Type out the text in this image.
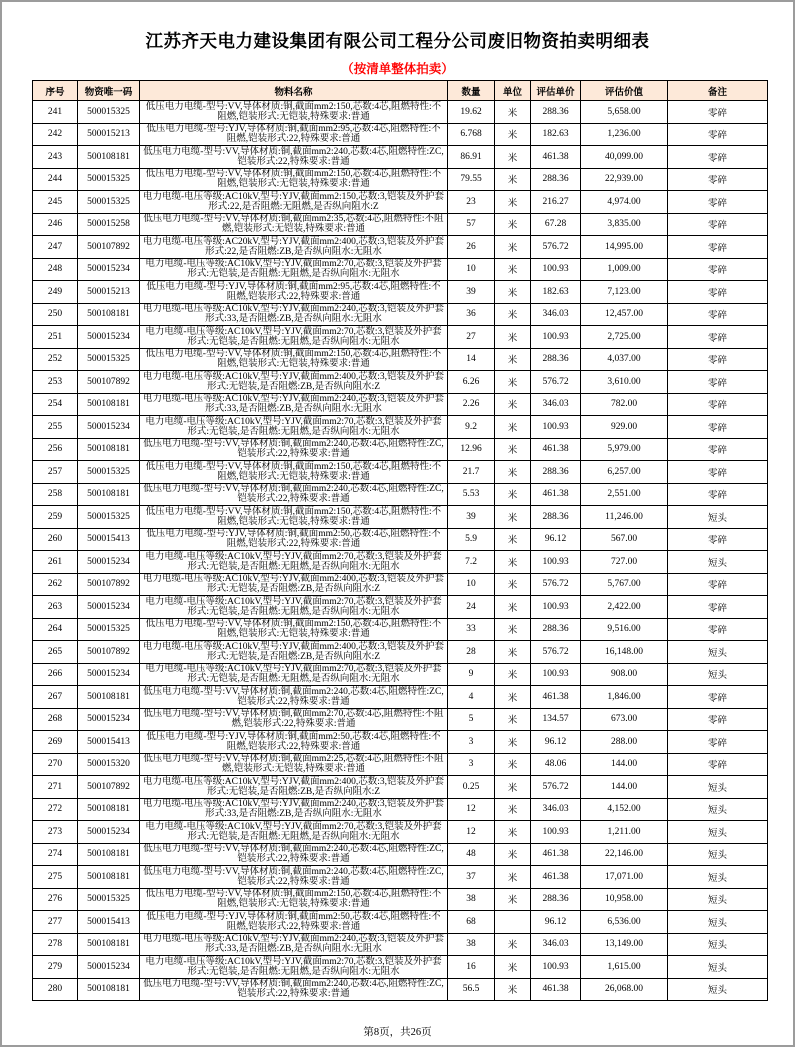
江苏齐天电力建设集团有限公司工程分公司废旧物资拍卖明细表
（按清单整体拍卖）
序号	物资唯一码	物料名称	数量	单位	评估单价	评估价值	备注
241	500015325	低压电力电缆-型号:VV,导体材质:铜,截面mm2:150,芯数:4芯,阻燃特性:不阻燃,铠装形式:无铠装,特殊要求:普通	19.62	米	288.36	5,658.00	零碎
242	500015213	低压电力电缆-型号:YJV,导体材质:铜,截面mm2:95,芯数:4芯,阻燃特性:不阻燃,铠装形式:22,特殊要求:普通	6.768	米	182.63	1,236.00	零碎
243	500108181	低压电力电缆-型号:VV,导体材质:铜,截面mm2:240,芯数:4芯,阻燃特性:ZC,铠装形式:22,特殊要求:普通	86.91	米	461.38	40,099.00	零碎
244	500015325	低压电力电缆-型号:VV,导体材质:铜,截面mm2:150,芯数:4芯,阻燃特性:不阻燃,铠装形式:无铠装,特殊要求:普通	79.55	米	288.36	22,939.00	零碎
245	500015325	电力电缆-电压等级:AC10kV,型号:YJV,截面mm2:150,芯数:3,铠装及外护套形式:22,是否阻燃:无阻燃,是否纵向阻水:Z	23	米	216.27	4,974.00	零碎
246	500015258	低压电力电缆-型号:VV,导体材质:铜,截面mm2:35,芯数:4芯,阻燃特性:不阻燃,铠装形式:无铠装,特殊要求:普通	57	米	67.28	3,835.00	零碎
247	500107892	电力电缆-电压等级:AC20kV,型号:YJV,截面mm2:400,芯数:3,铠装及外护套形式:22,是否阻燃:ZB,是否纵向阻水:无阻水	26	米	576.72	14,995.00	零碎
248	500015234	电力电缆-电压等级:AC10kV,型号:YJV,截面mm2:70,芯数:3,铠装及外护套形式:无铠装,是否阻燃:无阻燃,是否纵向阻水:无阻水	10	米	100.93	1,009.00	零碎
249	500015213	低压电力电缆-型号:YJV,导体材质:铜,截面mm2:95,芯数:4芯,阻燃特性:不阻燃,铠装形式:22,特殊要求:普通	39	米	182.63	7,123.00	零碎
250	500108181	电力电缆-电压等级:AC10kV,型号:YJV,截面mm2:240,芯数:3,铠装及外护套形式:33,是否阻燃:ZB,是否纵向阻水:无阻水	36	米	346.03	12,457.00	零碎
251	500015234	电力电缆-电压等级:AC10kV,型号:YJV,截面mm2:70,芯数:3,铠装及外护套形式:无铠装,是否阻燃:无阻燃,是否纵向阻水:无阻水	27	米	100.93	2,725.00	零碎
252	500015325	低压电力电缆-型号:VV,导体材质:铜,截面mm2:150,芯数:4芯,阻燃特性:不阻燃,铠装形式:无铠装,特殊要求:普通	14	米	288.36	4,037.00	零碎
253	500107892	电力电缆-电压等级:AC10kV,型号:YJV,截面mm2:400,芯数:3,铠装及外护套形式:无铠装,是否阻燃:ZB,是否纵向阻水:Z	6.26	米	576.72	3,610.00	零碎
254	500108181	电力电缆-电压等级:AC10kV,型号:YJV,截面mm2:240,芯数:3,铠装及外护套形式:33,是否阻燃:ZB,是否纵向阻水:无阻水	2.26	米	346.03	782.00	零碎
255	500015234	电力电缆-电压等级:AC10kV,型号:YJV,截面mm2:70,芯数:3,铠装及外护套形式:无铠装,是否阻燃:无阻燃,是否纵向阻水:无阻水	9.2	米	100.93	929.00	零碎
256	500108181	低压电力电缆-型号:VV,导体材质:铜,截面mm2:240,芯数:4芯,阻燃特性:ZC,铠装形式:22,特殊要求:普通	12.96	米	461.38	5,979.00	零碎
257	500015325	低压电力电缆-型号:VV,导体材质:铜,截面mm2:150,芯数:4芯,阻燃特性:不阻燃,铠装形式:无铠装,特殊要求:普通	21.7	米	288.36	6,257.00	零碎
258	500108181	低压电力电缆-型号:VV,导体材质:铜,截面mm2:240,芯数:4芯,阻燃特性:ZC,铠装形式:22,特殊要求:普通	5.53	米	461.38	2,551.00	零碎
259	500015325	低压电力电缆-型号:VV,导体材质:铜,截面mm2:150,芯数:4芯,阻燃特性:不阻燃,铠装形式:无铠装,特殊要求:普通	39	米	288.36	11,246.00	短头
260	500015413	低压电力电缆-型号:YJV,导体材质:铜,截面mm2:50,芯数:4芯,阻燃特性:不阻燃,铠装形式:22,特殊要求:普通	5.9	米	96.12	567.00	零碎
261	500015234	电力电缆-电压等级:AC10kV,型号:YJV,截面mm2:70,芯数:3,铠装及外护套形式:无铠装,是否阻燃:无阻燃,是否纵向阻水:无阻水	7.2	米	100.93	727.00	短头
262	500107892	电力电缆-电压等级:AC10kV,型号:YJV,截面mm2:400,芯数:3,铠装及外护套形式:无铠装,是否阻燃:ZB,是否纵向阻水:Z	10	米	576.72	5,767.00	零碎
263	500015234	电力电缆-电压等级:AC10kV,型号:YJV,截面mm2:70,芯数:3,铠装及外护套形式:无铠装,是否阻燃:无阻燃,是否纵向阻水:无阻水	24	米	100.93	2,422.00	零碎
264	500015325	低压电力电缆-型号:VV,导体材质:铜,截面mm2:150,芯数:4芯,阻燃特性:不阻燃,铠装形式:无铠装,特殊要求:普通	33	米	288.36	9,516.00	零碎
265	500107892	电力电缆-电压等级:AC10kV,型号:YJV,截面mm2:400,芯数:3,铠装及外护套形式:无铠装,是否阻燃:ZB,是否纵向阻水:Z	28	米	576.72	16,148.00	短头
266	500015234	电力电缆-电压等级:AC10kV,型号:YJV,截面mm2:70,芯数:3,铠装及外护套形式:无铠装,是否阻燃:无阻燃,是否纵向阻水:无阻水	9	米	100.93	908.00	短头
267	500108181	低压电力电缆-型号:VV,导体材质:铜,截面mm2:240,芯数:4芯,阻燃特性:ZC,铠装形式:22,特殊要求:普通	4	米	461.38	1,846.00	零碎
268	500015234	低压电力电缆-型号:VV,导体材质:铜,截面mm2:70,芯数:4芯,阻燃特性:不阻燃,铠装形式:22,特殊要求:普通	5	米	134.57	673.00	零碎
269	500015413	低压电力电缆-型号:YJV,导体材质:铜,截面mm2:50,芯数:4芯,阻燃特性:不阻燃,铠装形式:22,特殊要求:普通	3	米	96.12	288.00	零碎
270	500015320	低压电力电缆-型号:VV,导体材质:铜,截面mm2:25,芯数:4芯,阻燃特性:不阻燃,铠装形式:无铠装,特殊要求:普通	3	米	48.06	144.00	零碎
271	500107892	电力电缆-电压等级:AC10kV,型号:YJV,截面mm2:400,芯数:3,铠装及外护套形式:无铠装,是否阻燃:ZB,是否纵向阻水:Z	0.25	米	576.72	144.00	短头
272	500108181	电力电缆-电压等级:AC10kV,型号:YJV,截面mm2:240,芯数:3,铠装及外护套形式:33,是否阻燃:ZB,是否纵向阻水:无阻水	12	米	346.03	4,152.00	短头
273	500015234	电力电缆-电压等级:AC10kV,型号:YJV,截面mm2:70,芯数:3,铠装及外护套形式:无铠装,是否阻燃:无阻燃,是否纵向阻水:无阻水	12	米	100.93	1,211.00	短头
274	500108181	低压电力电缆-型号:VV,导体材质:铜,截面mm2:240,芯数:4芯,阻燃特性:ZC,铠装形式:22,特殊要求:普通	48	米	461.38	22,146.00	短头
275	500108181	低压电力电缆-型号:VV,导体材质:铜,截面mm2:240,芯数:4芯,阻燃特性:ZC,铠装形式:22,特殊要求:普通	37	米	461.38	17,071.00	短头
276	500015325	低压电力电缆-型号:VV,导体材质:铜,截面mm2:150,芯数:4芯,阻燃特性:不阻燃,铠装形式:无铠装,特殊要求:普通	38	米	288.36	10,958.00	短头
277	500015413	低压电力电缆-型号:YJV,导体材质:铜,截面mm2:50,芯数:4芯,阻燃特性:不阻燃,铠装形式:22,特殊要求:普通	68		96.12	6,536.00	短头
278	500108181	电力电缆-电压等级:AC10kV,型号:YJV,截面mm2:240,芯数:3,铠装及外护套形式:33,是否阻燃:ZB,是否纵向阻水:无阻水	38	米	346.03	13,149.00	短头
279	500015234	电力电缆-电压等级:AC10kV,型号:YJV,截面mm2:70,芯数:3,铠装及外护套形式:无铠装,是否阻燃:无阻燃,是否纵向阻水:无阻水	16	米	100.93	1,615.00	短头
280	500108181	低压电力电缆-型号:VV,导体材质:铜,截面mm2:240,芯数:4芯,阻燃特性:ZC,铠装形式:22,特殊要求:普通	56.5	米	461.38	26,068.00	短头
第8页，共26页
